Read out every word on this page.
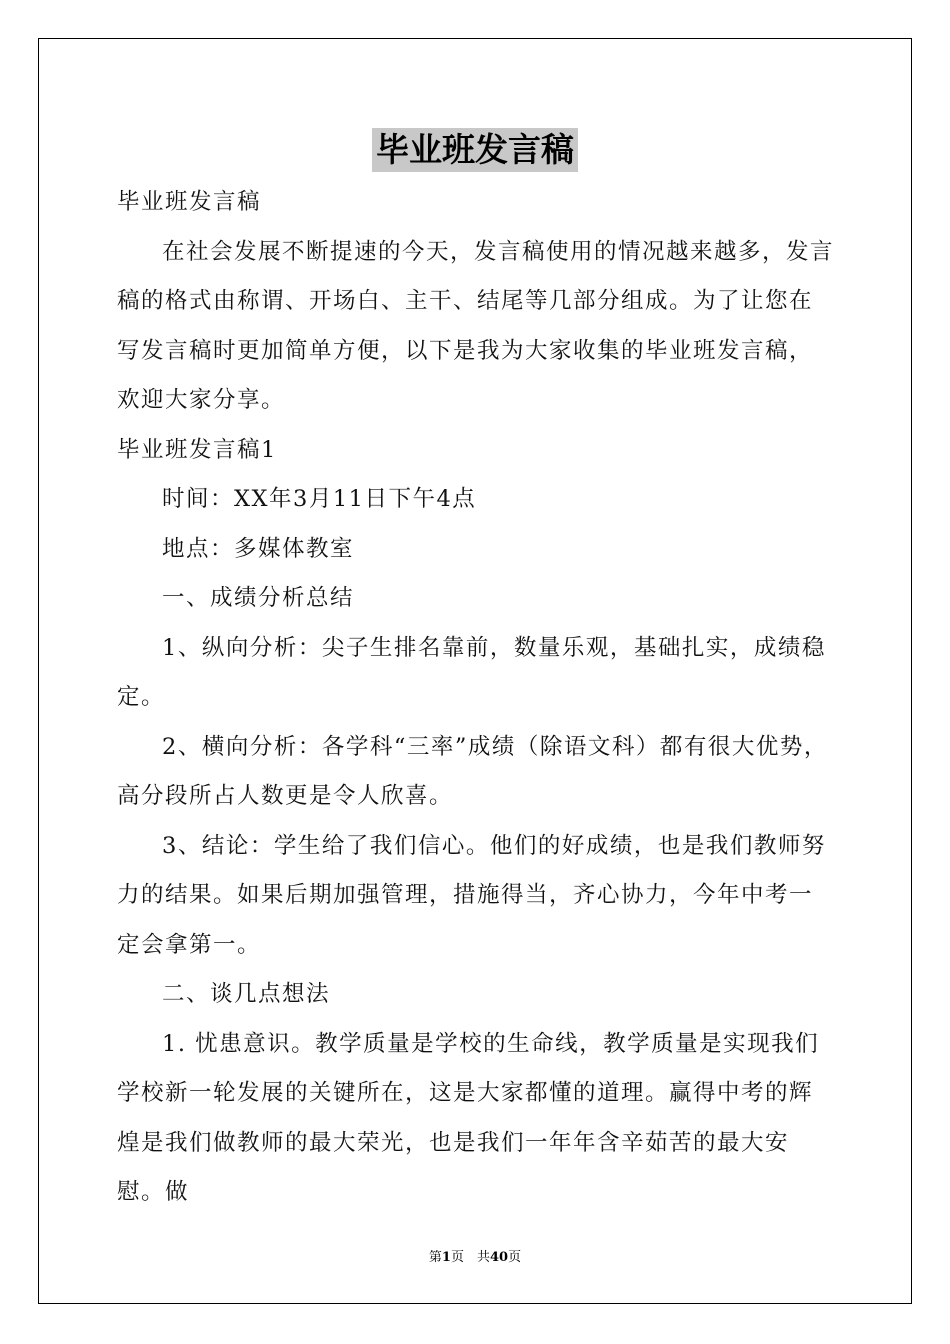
毕业班发言稿

毕业班发言稿

在社会发展不断提速的今天，发言稿使用的情况越来越多，发言稿的格式由称谓、开场白、主干、结尾等几部分组成。为了让您在写发言稿时更加简单方便，以下是我为大家收集的毕业班发言稿，欢迎大家分享。

毕业班发言稿1

时间：XX年3月11日下午4点

地点：多媒体教室

一、成绩分析总结

1、纵向分析：尖子生排名靠前，数量乐观，基础扎实，成绩稳定。

2、横向分析：各学科“三率”成绩（除语文科）都有很大优势，高分段所占人数更是令人欣喜。

3、结论：学生给了我们信心。他们的好成绩，也是我们教师努力的结果。如果后期加强管理，措施得当，齐心协力，今年中考一定会拿第一。

二、谈几点想法

1. 忧患意识。教学质量是学校的生命线，教学质量是实现我们学校新一轮发展的关键所在，这是大家都懂的道理。赢得中考的辉煌是我们做教师的最大荣光，也是我们一年年含辛茹苦的最大安慰。做

第1页　共40页
